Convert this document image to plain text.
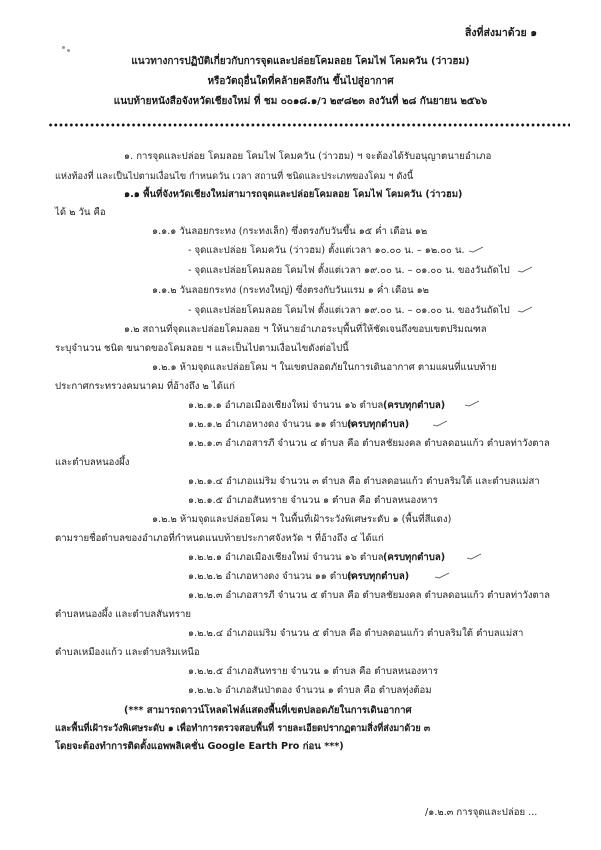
สิ่งที่ส่งมาด้วย ๑
แนวทางการปฏิบัติเกี่ยวกับการจุดและปล่อยโคมลอย โคมไฟ โคมควัน (ว่าวฮม)
หรือวัตถุอื่นใดที่คล้ายคลึงกัน ขึ้นไปสู่อากาศ
แนบท้ายหนังสือจังหวัดเชียงใหม่ ที่ ชม ๐๐๑๘.๑/ว ๒๙๘๒๓ ลงวันที่ ๒๘ กันยายน ๒๕๖๖
๑. การจุดและปล่อย โคมลอย โคมไฟ โคมควัน (ว่าวฮม) ฯ จะต้องได้รับอนุญาตนายอำเภอ
แห่งท้องที่ และเป็นไปตามเงื่อนไข กำหนดวัน เวลา สถานที่ ชนิดและประเภทของโคม ฯ ดังนี้
๑.๑ พื้นที่จังหวัดเชียงใหม่สามารถจุดและปล่อยโคมลอย โคมไฟ โคมควัน (ว่าวฮม)
ได้ ๒ วัน คือ
๑.๑.๑ วันลอยกระทง (กระทงเล็ก) ซึ่งตรงกับวันขึ้น ๑๕ ค่ำ เดือน ๑๒
- จุดและปล่อย โคมควัน (ว่าวฮม) ตั้งแต่เวลา ๑๐.๐๐ น. – ๑๒.๐๐ น.
- จุดและปล่อยโคมลอย โคมไฟ ตั้งแต่เวลา ๑๙.๐๐ น. – ๐๑.๐๐ น. ของวันถัดไป
๑.๑.๒ วันลอยกระทง (กระทงใหญ่) ซึ่งตรงกับวันแรม ๑ ค่ำ เดือน ๑๒
- จุดและปล่อยโคมลอย โคมไฟ ตั้งแต่เวลา ๑๙.๐๐ น. – ๐๑.๐๐ น. ของวันถัดไป
๑.๒ สถานที่จุดและปล่อยโคมลอย ฯ ให้นายอำเภอระบุพื้นที่ให้ชัดเจนถึงขอบเขตปริมณฑล
ระบุจำนวน ชนิด ขนาดของโคมลอย ฯ และเป็นไปตามเงื่อนไขดังต่อไปนี้
๑.๒.๑ ห้ามจุดและปล่อยโคม ฯ ในเขตปลอดภัยในการเดินอากาศ ตามแผนที่แนบท้าย
ประกาศกระทรวงคมนาคม ที่อ้างถึง ๒ ได้แก่
๑.๒.๑.๑ อำเภอเมืองเชียงใหม่ จำนวน ๑๖ ตำบล (ครบทุกตำบล)
๑.๒.๑.๒ อำเภอหางดง จำนวน ๑๑ ตำบล
(ครบทุกตำบล)
๑.๒.๑.๓ อำเภอสารภี จำนวน ๔ ตำบล คือ ตำบลชัยมงคล ตำบลดอนแก้ว ตำบลท่าวังตาล
และตำบลหนองผึ้ง
๑.๒.๑.๔ อำเภอแม่ริม จำนวน ๓ ตำบล คือ ตำบลดอนแก้ว ตำบลริมใต้ และตำบลแม่สา
๑.๒.๑.๕ อำเภอสันทราย จำนวน ๑ ตำบล คือ ตำบลหนองหาร
๑.๒.๒ ห้ามจุดและปล่อยโคม ฯ ในพื้นที่เฝ้าระวังพิเศษระดับ ๑ (พื้นที่สีแดง)
ตามรายชื่อตำบลของอำเภอที่กำหนดแนบท้ายประกาศจังหวัด ฯ ที่อ้างถึง ๔ ได้แก่
๑.๒.๒.๑ อำเภอเมืองเชียงใหม่ จำนวน ๑๖ ตำบล (ครบทุกตำบล)
๑.๒.๒.๒ อำเภอหางดง จำนวน ๑๑ ตำบล
(ครบทุกตำบล)
๑.๒.๒.๓ อำเภอสารภี จำนวน ๕ ตำบล คือ ตำบลชัยมงคล ตำบลดอนแก้ว ตำบลท่าวังตาล
ตำบลหนองผึ้ง และตำบลสันทราย
๑.๒.๒.๔ อำเภอแม่ริม จำนวน ๕ ตำบล คือ ตำบลดอนแก้ว ตำบลริมใต้ ตำบลแม่สา
ตำบลเหมืองแก้ว และตำบลริมเหนือ
๑.๒.๒.๕ อำเภอสันทราย จำนวน ๑ ตำบล คือ ตำบลหนองหาร
๑.๒.๒.๖ อำเภอสันป่าตอง จำนวน ๑ ตำบล คือ ตำบลทุ่งต้อม
(*** สามารถดาวน์โหลดไฟล์แสดงพื้นที่เขตปลอดภัยในการเดินอากาศ
และพื้นที่เฝ้าระวังพิเศษระดับ ๑ เพื่อทำการตรวจสอบพื้นที่ รายละเอียดปรากฏตามสิ่งที่ส่งมาด้วย ๓
โดยจะต้องทำการติดตั้งแอพพลิเคชั่น Google Earth Pro ก่อน ***)
/๑.๒.๓ การจุดและปล่อย ...
